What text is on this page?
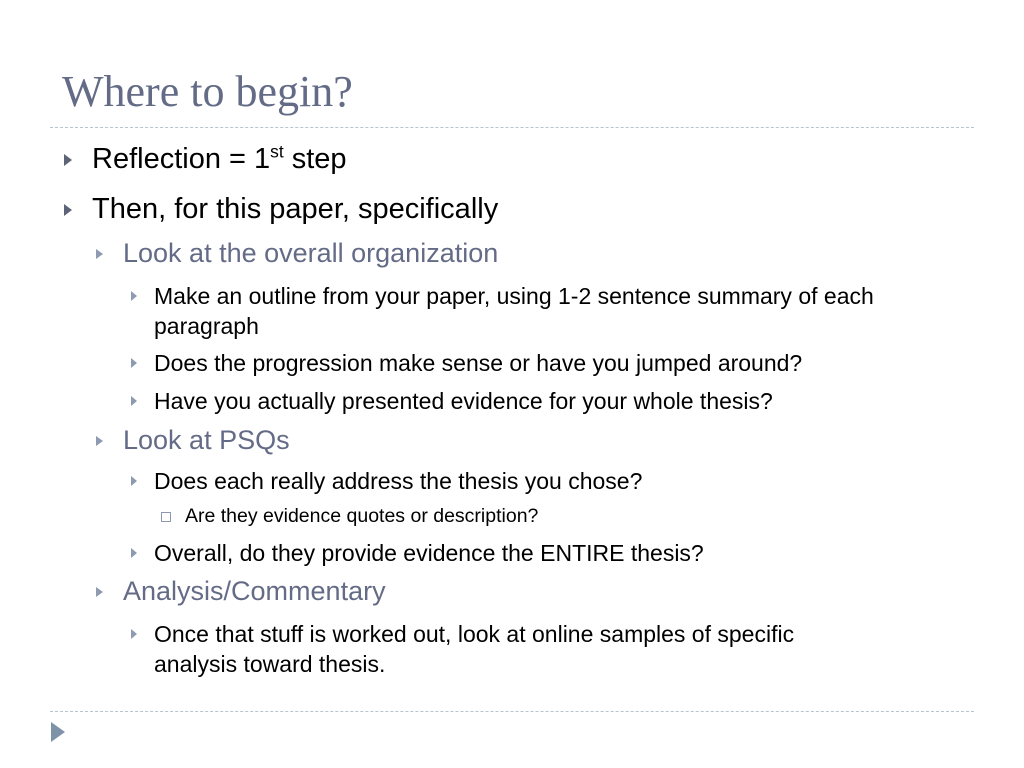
Where to begin?
Reflection = 1st step
Then, for this paper, specifically
Look at the overall organization
Make an outline from your paper, using 1-2 sentence summary of each
paragraph
Does the progression make sense or have you jumped around?
Have you actually presented evidence for your whole thesis?
Look at PSQs
Does each really address the thesis you chose?
Are they evidence quotes or description?
Overall, do they provide evidence the ENTIRE thesis?
Analysis/Commentary
Once that stuff is worked out, look at online samples of specific
analysis toward thesis.
